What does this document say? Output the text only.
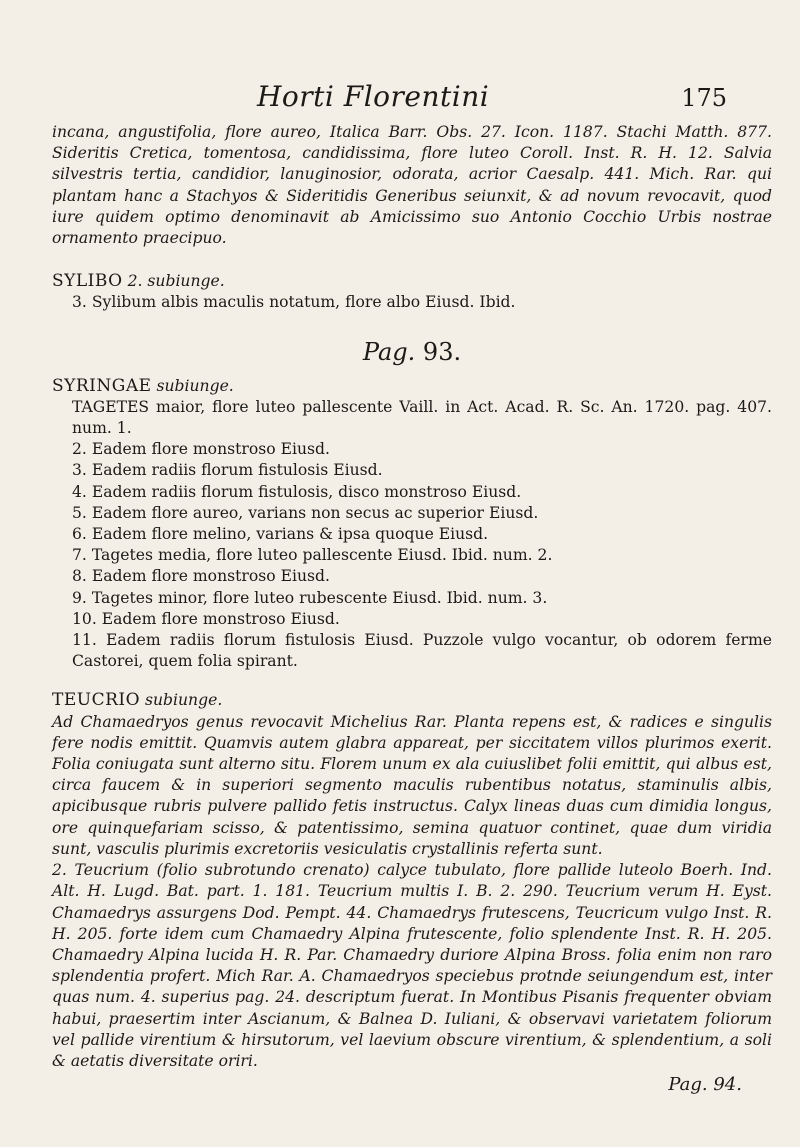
Horti Florentini	175

incana, angustifolia, flore aureo, Italica Barr. Obs. 27. Icon. 1187. Stachi Matth. 877. Sideritis Cretica, tomentosa, candidissima, flore luteo Coroll. Inst. R. H. 12. Salvia silvestris tertia, candidior, lanuginosior, odorata, acrior Caesalp. 441. Mich. Rar. qui plantam hanc a Stachyos & Sideritidis Generibus seiunxit, & ad novum revocavit, quod iure quidem optimo denominavit ab Amicissimo suo Antonio Cocchio Urbis nostrae ornamento praecipuo.

SYLIBO 2. subiunge.

3. Sylibum albis maculis notatum, flore albo Eiusd. Ibid.

Pag. 93.

SYRINGAE subiunge.

TAGETES maior, flore luteo pallescente Vaill. in Act. Acad. R. Sc. An. 1720. pag. 407. num. 1.

2. Eadem flore monstroso Eiusd.

3. Eadem radiis florum fistulosis Eiusd.

4. Eadem radiis florum fistulosis, disco monstroso Eiusd.

5. Eadem flore aureo, varians non secus ac superior Eiusd.

6. Eadem flore melino, varians & ipsa quoque Eiusd.

7. Tagetes media, flore luteo pallescente Eiusd. Ibid. num. 2.

8. Eadem flore monstroso Eiusd.

9. Tagetes minor, flore luteo rubescente Eiusd. Ibid. num. 3.

10. Eadem flore monstroso Eiusd.

11. Eadem radiis florum fistulosis Eiusd. Puzzole vulgo vocantur, ob odorem ferme Castorei, quem folia spirant.

TEUCRIO subiunge.

Ad Chamaedryos genus revocavit Michelius Rar. Planta repens est, & radices e singulis fere nodis emittit. Quamvis autem glabra appareat, per siccitatem villos plurimos exerit. Folia coniugata sunt alterno situ. Florem unum ex ala cuiuslibet folii emittit, qui albus est, circa faucem & in superiori segmento maculis rubentibus notatus, staminulis albis, apicibusque rubris pulvere pallido fetis instructus. Calyx lineas duas cum dimidia longus, ore quinquefariam scisso, & patentissimo, semina quatuor continet, quae dum viridia sunt, vasculis plurimis excretoriis vesiculatis crystallinis referta sunt.

2. Teucrium (folio subrotundo crenato) calyce tubulato, flore pallide luteolo Boerh. Ind. Alt. H. Lugd. Bat. part. 1. 181. Teucrium multis I. B. 2. 290. Teucrium verum H. Eyst. Chamaedrys assurgens Dod. Pempt. 44. Chamaedrys frutescens, Teucricum vulgo Inst. R. H. 205. forte idem cum Chamaedry Alpina frutescente, folio splendente Inst. R. H. 205. Chamaedry Alpina lucida H. R. Par. Chamaedry duriore Alpina Bross. folia enim non raro splendentia profert. Mich Rar. A. Chamaedryos speciebus protnde seiungendum est, inter quas num. 4. superius pag. 24. descriptum fuerat. In Montibus Pisanis frequenter obviam habui, praesertim inter Ascianum, & Balnea D. Iuliani, & observavi varietatem foliorum vel pallide virentium & hirsutorum, vel laevium obscure virentium, & splendentium, a soli & aetatis diversitate oriri.

Pag. 94.
